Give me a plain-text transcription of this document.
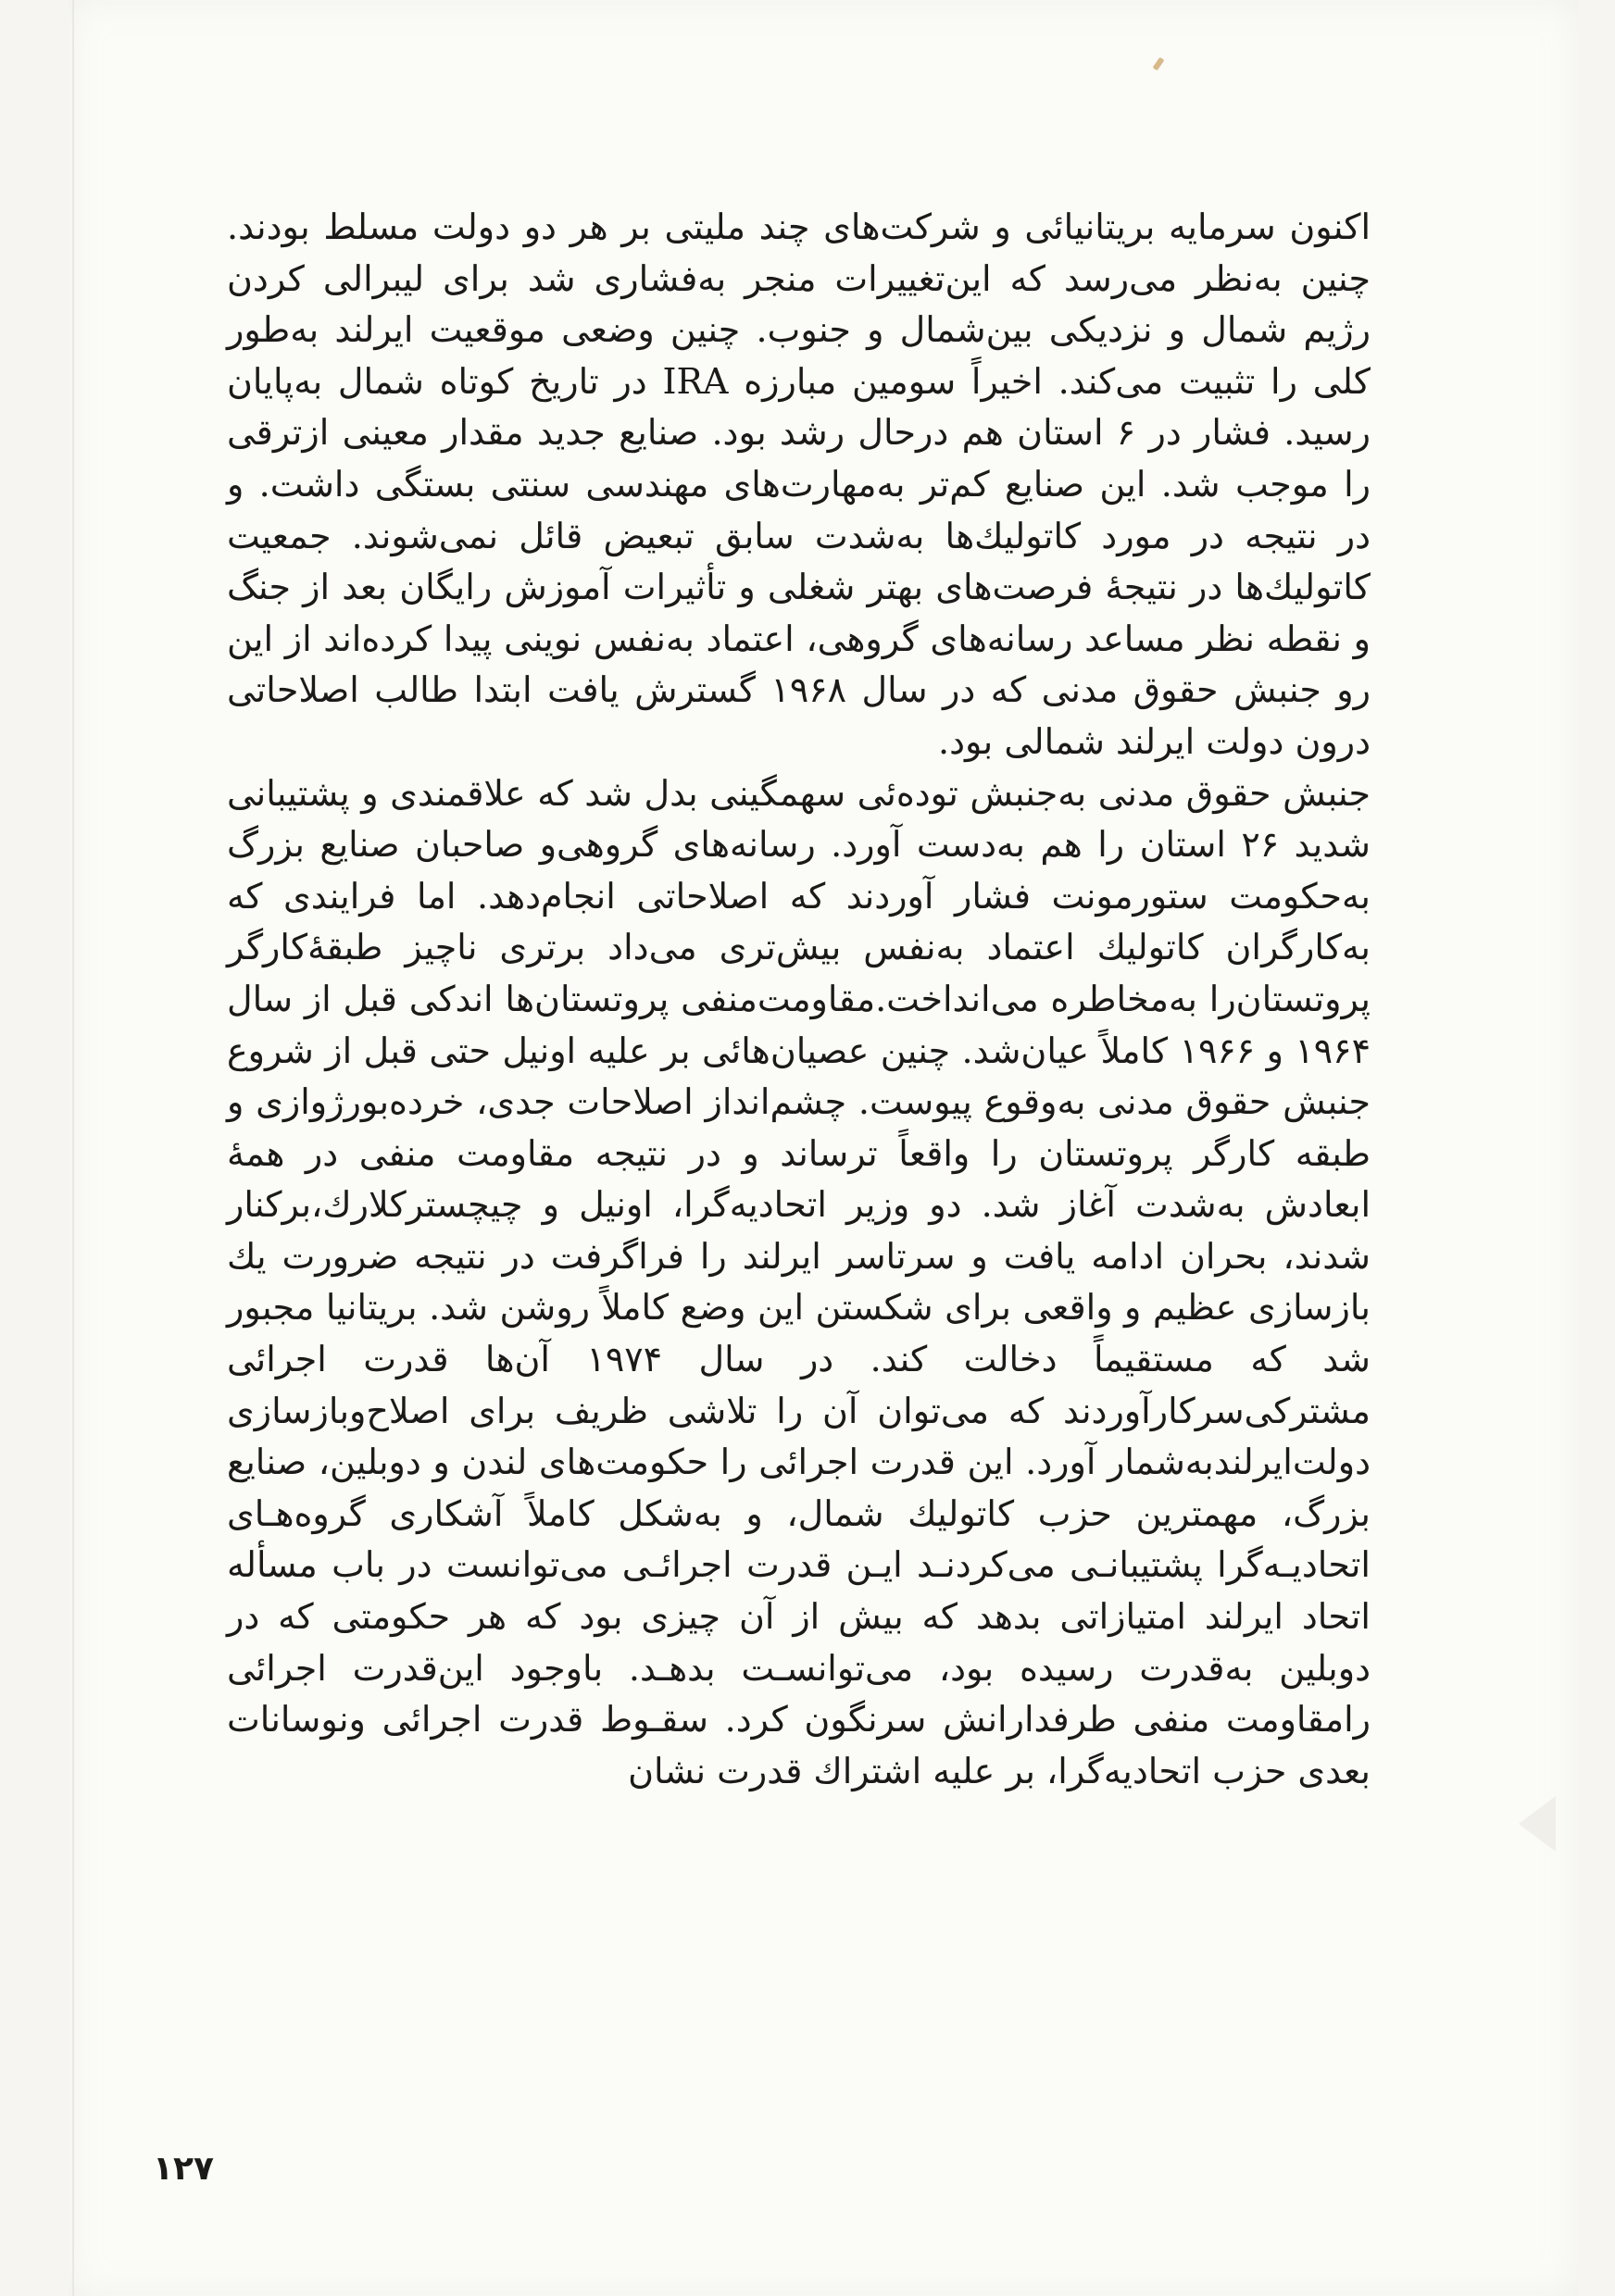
اکنون سرمایه بریتانیائی و شرکت‌های چند ملیتی بر هر دو دولت مسلط بودند. چنین به‌نظر می‌رسد که این‌تغییرات منجر به‌فشاری شد برای لیبرالی کردن رژیم شمال و نزدیکی بین‌شمال و جنوب. چنین وضعی موقعیت ایرلند به‌طور کلی را تثبیت می‌کند. اخیراً سومین مبارزه IRA در تاریخ کوتاه شمال به‌پایان رسید. فشار در ۶ استان هم درحال رشد بود. صنایع جدید مقدار معینی ازترقی را موجب شد. این صنایع کم‌تر به‌مهارت‌های مهندسی سنتی بستگی داشت. و در نتیجه در مورد کاتولیك‌ها به‌شدت سابق تبعیض قائل نمی‌شوند. جمعیت کاتولیك‌ها در نتیجهٔ فرصت‌های بهتر شغلی و تأثیرات آموزش رایگان بعد از جنگ و نقطه نظر مساعد رسانه‌های گروهی، اعتماد به‌نفس نوینی پیدا کرده‌اند از این رو جنبش حقوق مدنی که در سال ۱۹۶۸ گسترش یافت ابتدا طالب اصلاحاتی درون دولت ایرلند شمالی بود.

جنبش حقوق مدنی به‌جنبش توده‌ئی سهمگینی بدل شد که علاقمندی و پشتیبانی شدید ۲۶ استان را هم به‌دست آورد. رسانه‌های گروهی‌و صاحبان صنایع بزرگ به‌حکومت ستورمونت فشار آوردند که اصلاحاتی انجام‌دهد. اما فرایندی که به‌کارگران کاتولیك اعتماد به‌نفس بیش‌تری می‌داد برتری ناچیز طبقهٔ‌کارگر پروتستان‌را به‌مخاطره می‌انداخت.مقاومت‌منفی پروتستان‌ها اندکی قبل از سال ۱۹۶۴ و ۱۹۶۶ کاملاً عیان‌شد. چنین عصیان‌هائی بر علیه اونیل حتی قبل از شروع جنبش حقوق مدنی به‌وقوع پیوست. چشم‌انداز اصلاحات جدی، خرده‌بورژوازی و طبقه کارگر پروتستان را واقعاً ترساند و در نتیجه مقاومت منفی در همهٔ ابعادش به‌شدت آغاز شد. دو وزیر اتحادیه‌گرا، اونیل و چیچسترکلارك،برکنار شدند، بحران ادامه یافت و سرتاسر ایرلند را فراگرفت در نتیجه ضرورت یك بازسازی عظیم و واقعی برای شکستن این وضع کاملاً روشن شد. بریتانیا مجبور شد که مستقیماً دخالت کند. در سال ۱۹۷۴ آن‌ها قدرت اجرائی مشترکی‌سرکارآوردند که می‌توان آن را تلاشی ظریف برای اصلاح‌وبازسازی دولت‌ایرلندبه‌شمار آورد. این قدرت اجرائی را حکومت‌های لندن و دوبلین، صنایع بزرگ، مهمترین حزب کاتولیك شمال، و به‌شکل کاملاً آشکاری گروه‌هـای اتحادیـه‌گرا پشتیبانـی می‌کردنـد ایـن قدرت اجرائـی می‌توانست در باب مسأله اتحاد ایرلند امتیازاتی بدهد که بیش از آن چیزی بود که هر حکومتی که در دوبلین به‌قدرت رسیده بود، می‌توانسـت بدهـد. باوجود این‌قدرت اجرائی رامقاومت منفی طرفدارانش سرنگون کرد. سقـوط قدرت اجرائی ونوسانات بعدی حزب اتحادیه‌گرا، بر علیه اشتراك قدرت نشان

۱۲۷
